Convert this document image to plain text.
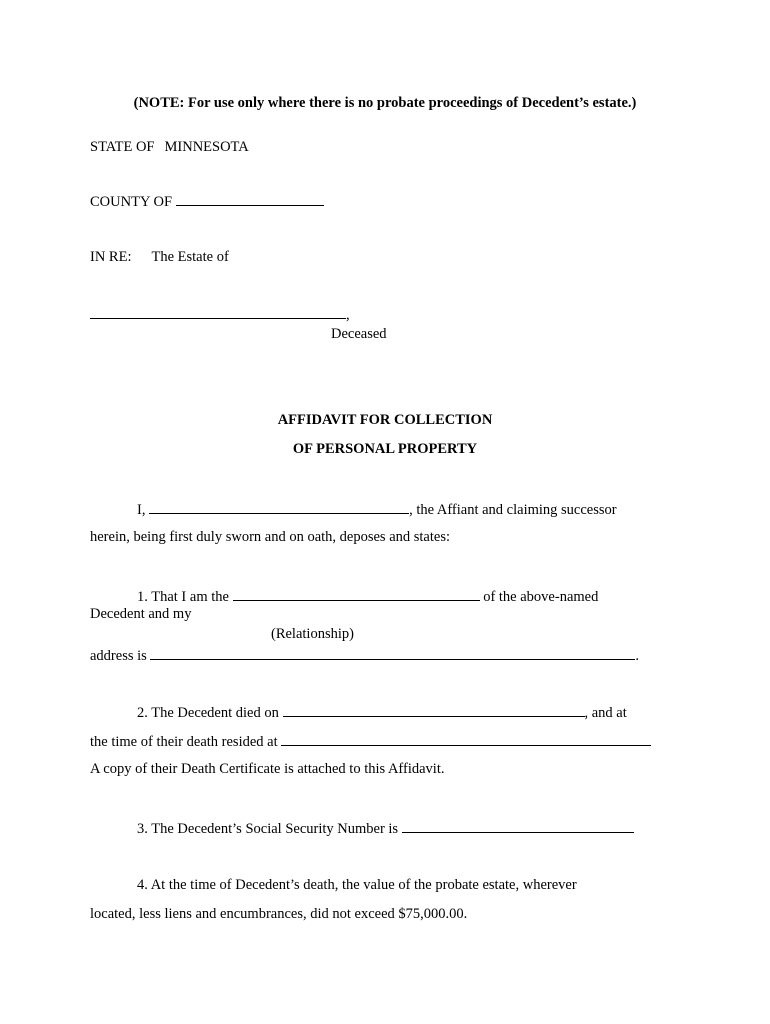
(NOTE: For use only where there is no probate proceedings of Decedent’s estate.)
STATE OF MINNESOTA
COUNTY OF
IN RE: The Estate of
,
Deceased
AFFIDAVIT FOR COLLECTION
OF PERSONAL PROPERTY
I,	, the Affiant and claiming successor
herein, being first duly sworn and on oath, deposes and states:
1. That I am the	of the above-named
Decedent and my
(Relationship)
address is	.
2. The Decedent died on	, and at
the time of their death resided at
A copy of their Death Certificate is attached to this Affidavit.
3. The Decedent’s Social Security Number is
4. At the time of Decedent’s death, the value of the probate estate, wherever
located, less liens and encumbrances, did not exceed $75,000.00.
